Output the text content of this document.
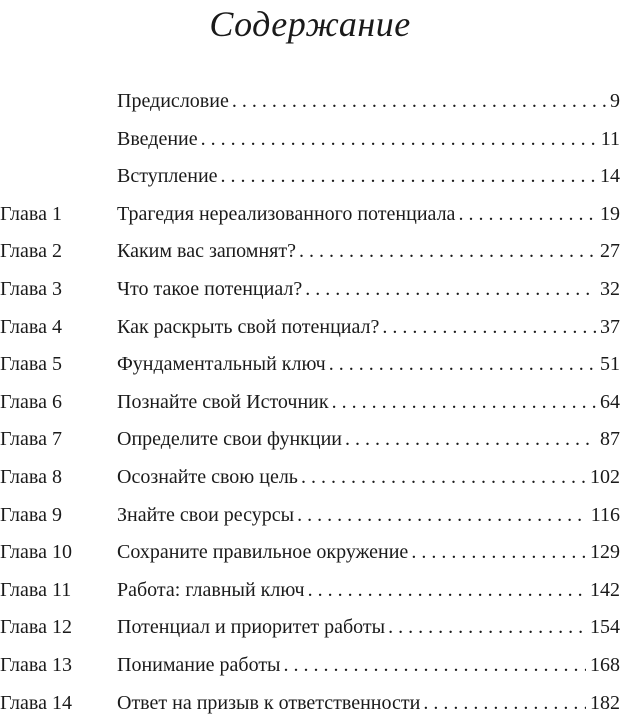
Содержание
Предисловие . . .	9
Введение . . .	11
Вступление . . .	14
Глава 1	Трагедия нереализованного потенциала . . .	19
Глава 2	Каким вас запомнят? . . .	27
Глава 3	Что такое потенциал? . . .	32
Глава 4	Как раскрыть свой потенциал? . . .	37
Глава 5	Фундаментальный ключ . . .	51
Глава 6	Познайте свой Источник . . .	64
Глава 7	Определите свои функции . . .	87
Глава 8	Осознайте свою цель . . .	102
Глава 9	Знайте свои ресурсы . . .	116
Глава 10 Сохраните правильное окружение . . .	129
Глава 11 Работа: главный ключ . . .	142
Глава 12 Потенциал и приоритет работы . . .	154
Глава 13 Понимание работы . . .	168
Глава 14 Ответ на призыв к ответственности . . .	182
